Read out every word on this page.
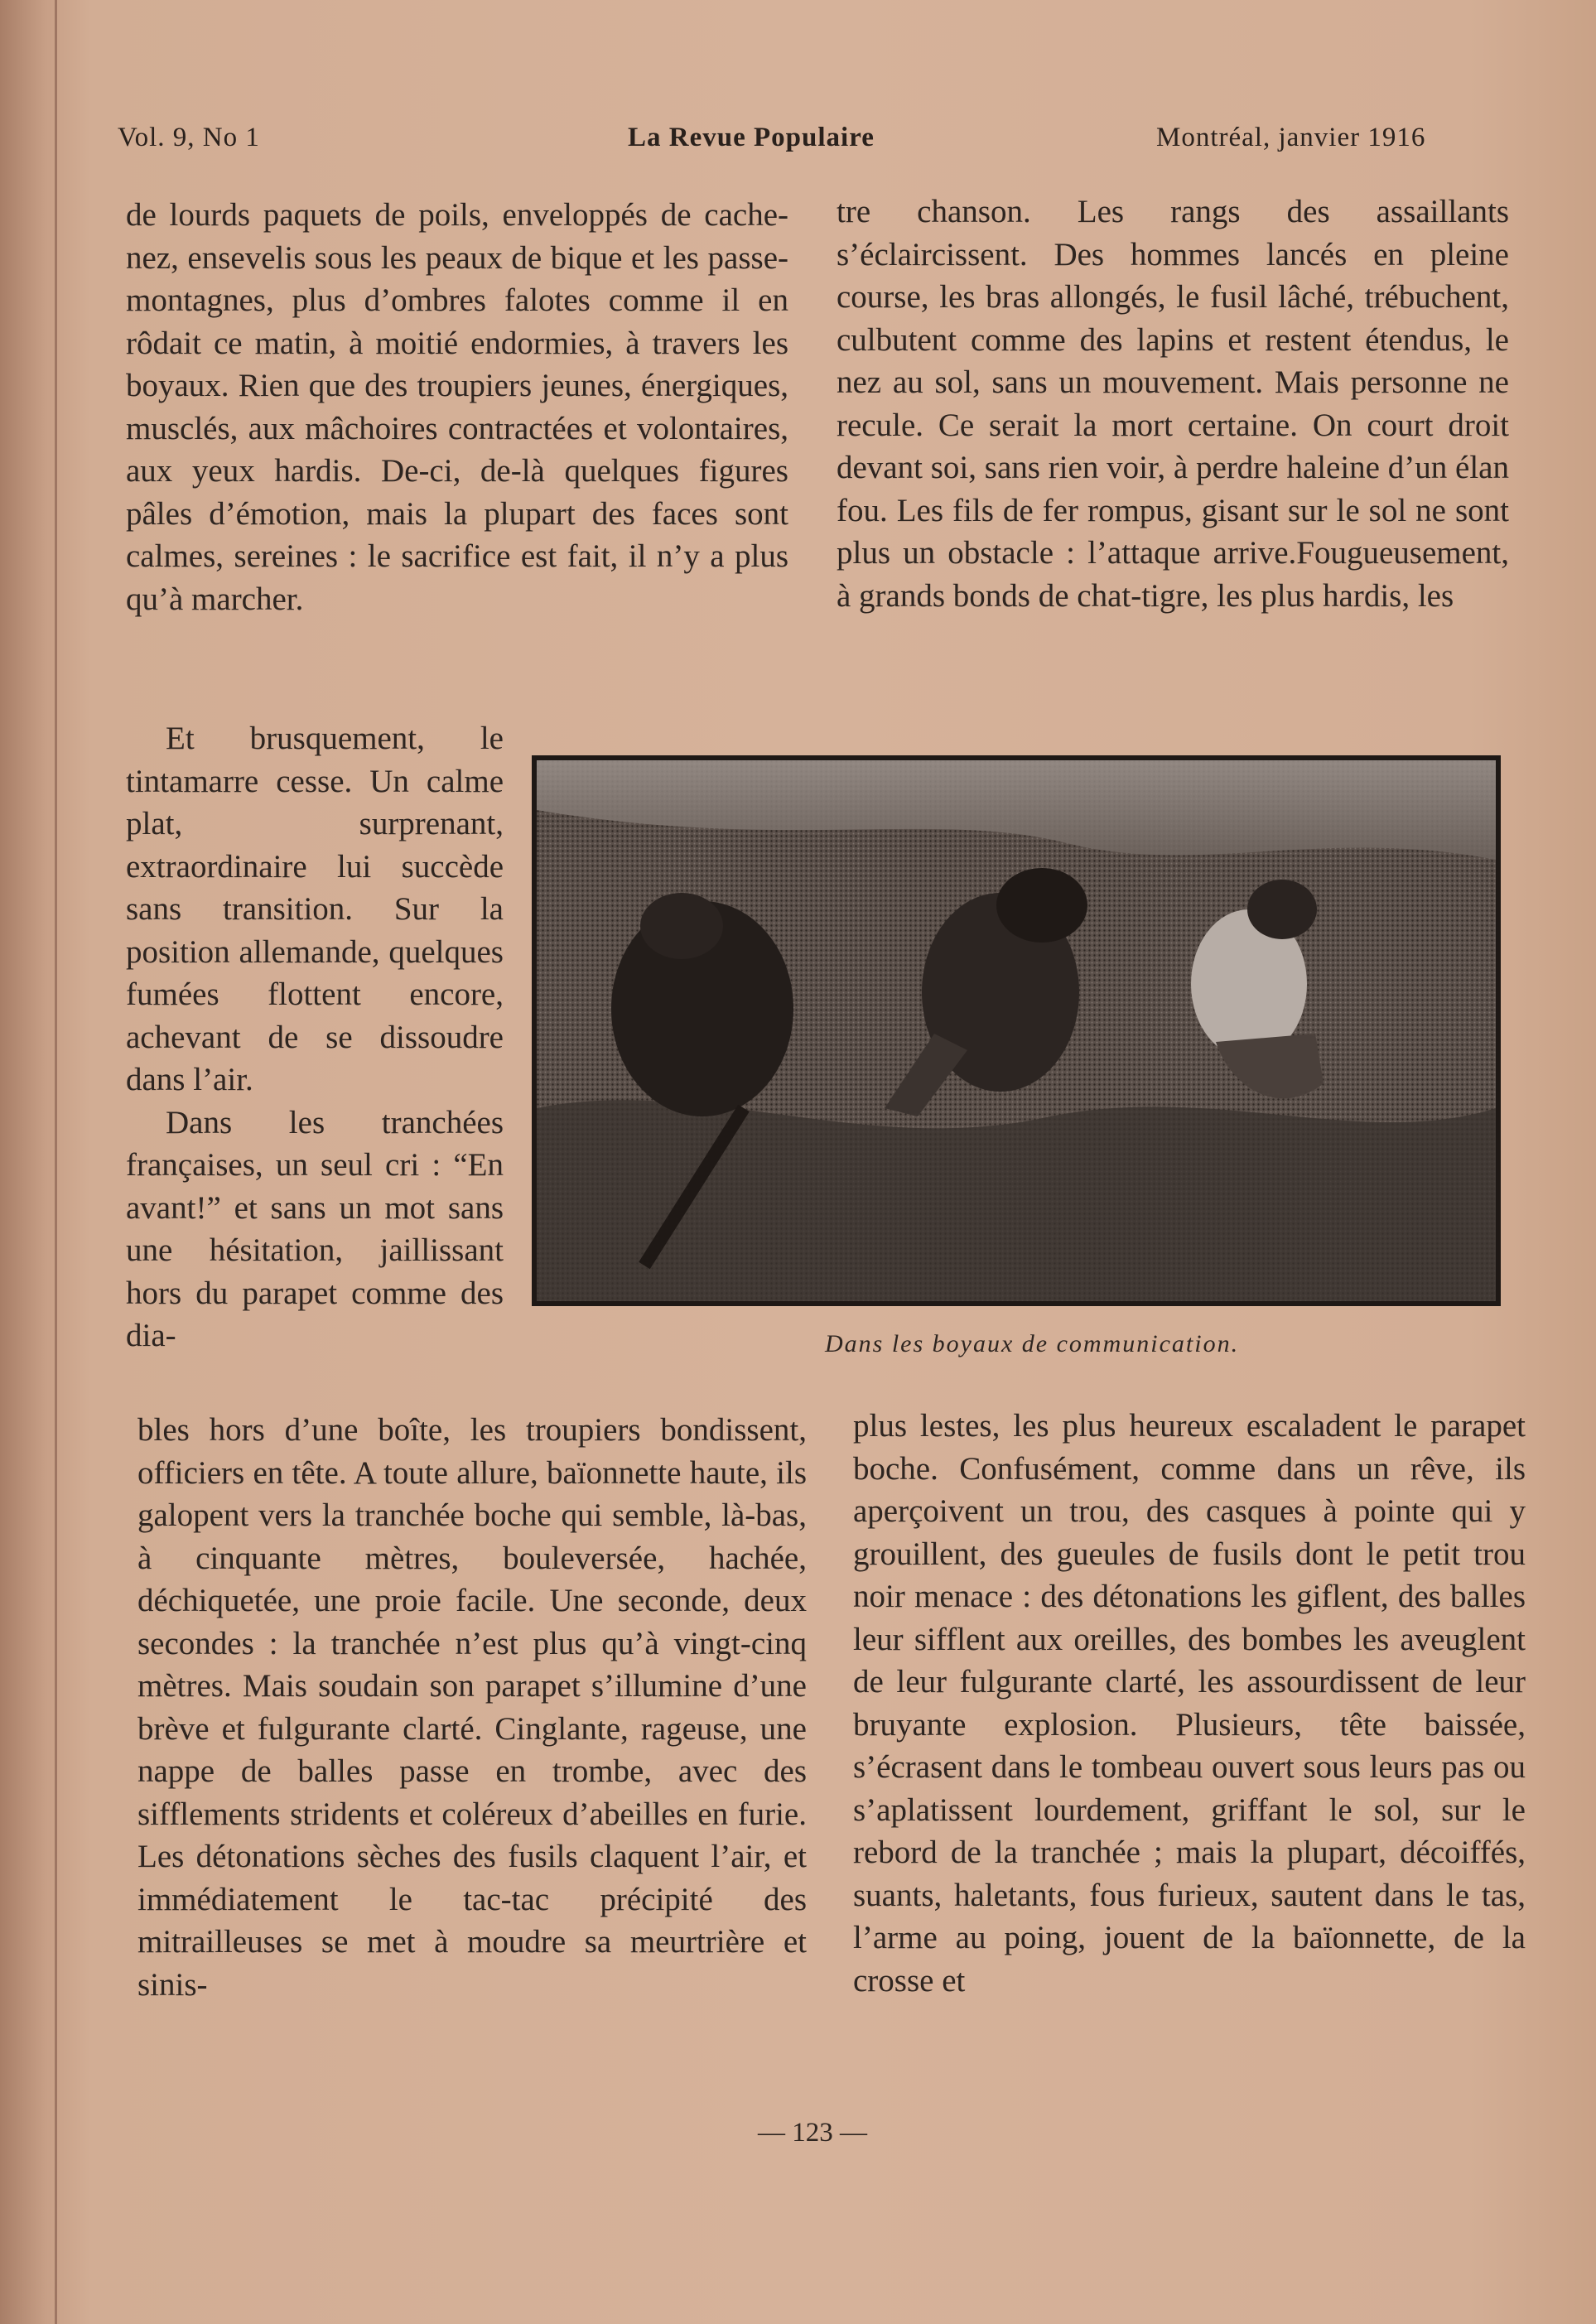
Vol. 9, No 1	La Revue Populaire	Montréal, janvier 1916

de lourds paquets de poils, enveloppés de cache-nez, ensevelis sous les peaux de bique et les passe-montagnes, plus d’ombres falotes comme il en rôdait ce matin, à moitié endormies, à travers les boyaux. Rien que des troupiers jeunes, énergiques, musclés, aux mâchoires contractées et volontaires, aux yeux hardis. De-ci, de-là quelques figures pâles d’émotion, mais la plupart des faces sont calmes, sereines : le sacrifice est fait, il n’y a plus qu’à marcher.

tre chanson. Les rangs des assaillants s’éclaircissent. Des hommes lancés en pleine course, les bras allongés, le fusil lâché, trébuchent, culbutent comme des lapins et restent étendus, le nez au sol, sans un mouvement. Mais personne ne recule. Ce serait la mort certaine. On court droit devant soi, sans rien voir, à perdre haleine d’un élan fou. Les fils de fer rompus, gisant sur le sol ne sont plus un obstacle : l’attaque arrive.Fougueusement, à grands bonds de chat-tigre, les plus hardis, les

Et brusquement, le tintamarre cesse. Un calme plat, surprenant, extraordinaire lui succède sans transition. Sur la position allemande, quelques fumées flottent encore, achevant de se dissoudre dans l’air.

Dans les tranchées françaises, un seul cri : “En avant!” et sans un mot sans une hésitation, jaillissant hors du parapet comme des dia-	Dans les boyaux de communication.

bles hors d’une boîte, les troupiers bondissent, officiers en tête. A toute allure, baïonnette haute, ils galopent vers la tranchée boche qui semble, là-bas, à cinquante mètres, bouleversée, hachée, déchiquetée, une proie facile. Une seconde, deux secondes : la tranchée n’est plus qu’à vingt-cinq mètres. Mais soudain son parapet s’illumine d’une brève et fulgurante clarté. Cinglante, rageuse, une nappe de balles passe en trombe, avec des sifflements stridents et coléreux d’abeilles en furie. Les détonations sèches des fusils claquent l’air, et immédiatement le tac-tac précipité des mitrailleuses se met à moudre sa meurtrière et sinis-

plus lestes, les plus heureux escaladent le parapet boche. Confusément, comme dans un rêve, ils aperçoivent un trou, des casques à pointe qui y grouillent, des gueules de fusils dont le petit trou noir menace : des détonations les giflent, des balles leur sifflent aux oreilles, des bombes les aveuglent de leur fulgurante clarté, les assourdissent de leur bruyante explosion. Plusieurs, tête baissée, s’écrasent dans le tombeau ouvert sous leurs pas ou s’aplatissent lourdement, griffant le sol, sur le rebord de la tranchée ; mais la plupart, décoiffés, suants, haletants, fous furieux, sautent dans le tas, l’arme au poing, jouent de la baïonnette, de la crosse et

— 123 —
